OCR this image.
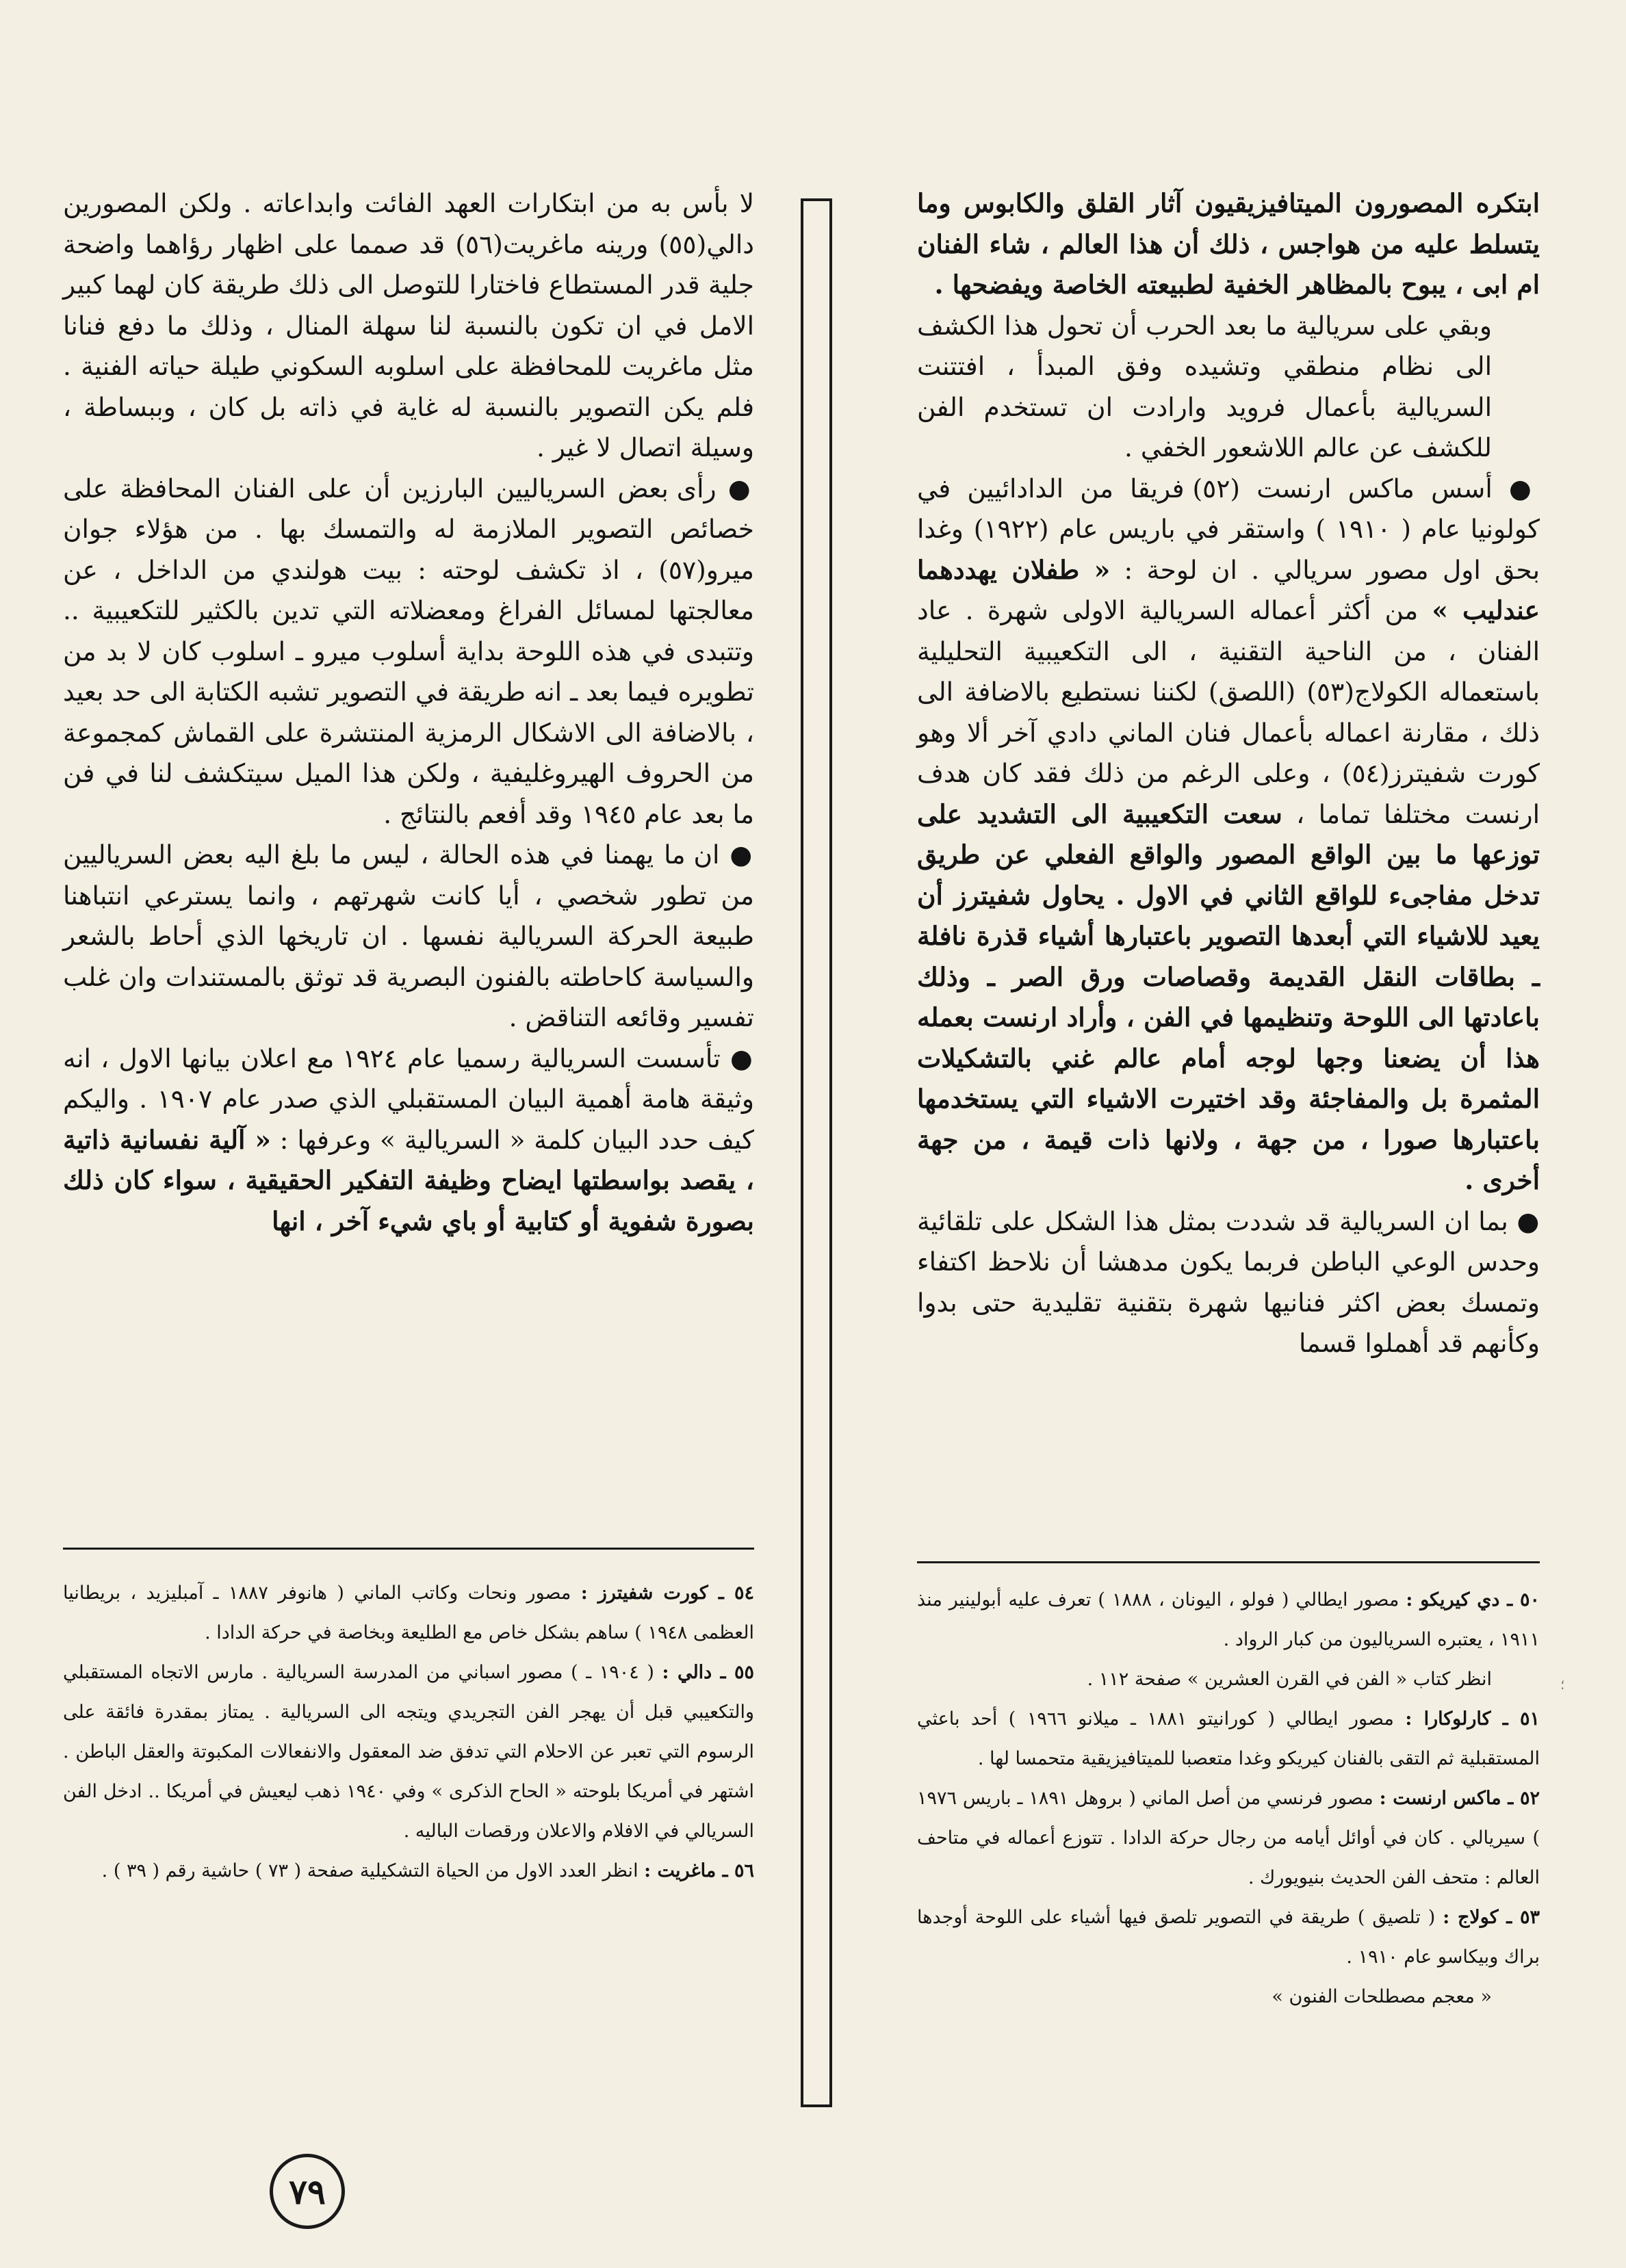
ابتكره المصورون الميتافيزيقيون آثار القلق والكابوس وما يتسلط عليه من هواجس ، ذلك أن هذا العالم ، شاء الفنان ام ابى ، يبوح بالمظاهر الخفية لطبيعته الخاصة ويفضحها .

وبقي على سريالية ما بعد الحرب أن تحول هذا الكشف الى نظام منطقي وتشيده وفق المبدأ ، افتتنت السريالية بأعمال فرويد وارادت ان تستخدم الفن للكشف عن عالم اللاشعور الخفي .

● أسس ماكس ارنست (٥٢) فريقا من الدادائيين في كولونيا عام ( ١٩١٠ ) واستقر في باريس عام (١٩٢٢) وغدا بحق اول مصور سريالي . ان لوحة : « طفلان يهددهما عندليب » من أكثر أعماله السريالية الاولى شهرة . عاد الفنان ، من الناحية التقنية ، الى التكعيبية التحليلية باستعماله الكولاج(٥٣) (اللصق) لكننا نستطيع بالاضافة الى ذلك ، مقارنة اعماله بأعمال فنان الماني دادي آخر ألا وهو كورت شفيترز(٥٤) ، وعلى الرغم من ذلك فقد كان هدف ارنست مختلفا تماما ، سعت التكعيبية الى التشديد على توزعها ما بين الواقع المصور والواقع الفعلي عن طريق تدخل مفاجىء للواقع الثاني في الاول . يحاول شفيترز أن يعيد للاشياء التي أبعدها التصوير باعتبارها أشياء قذرة نافلة ـ بطاقات النقل القديمة وقصاصات ورق الصر ـ وذلك باعادتها الى اللوحة وتنظيمها في الفن ، وأراد ارنست بعمله هذا أن يضعنا وجها لوجه أمام عالم غني بالتشكيلات المثمرة بل والمفاجئة وقد اختيرت الاشياء التي يستخدمها باعتبارها صورا ، من جهة ، ولانها ذات قيمة ، من جهة أخرى .

● بما ان السريالية قد شددت بمثل هذا الشكل على تلقائية وحدس الوعي الباطن فربما يكون مدهشا أن نلاحظ اكتفاء وتمسك بعض اكثر فنانيها شهرة بتقنية تقليدية حتى بدوا وكأنهم قد أهملوا قسما

لا بأس به من ابتكارات العهد الفائت وابداعاته . ولكن المصورين دالي(٥٥) ورينه ماغريت(٥٦) قد صمما على اظهار رؤاهما واضحة جلية قدر المستطاع فاختارا للتوصل الى ذلك طريقة كان لهما كبير الامل في ان تكون بالنسبة لنا سهلة المنال ، وذلك ما دفع فنانا مثل ماغريت للمحافظة على اسلوبه السكوني طيلة حياته الفنية . فلم يكن التصوير بالنسبة له غاية في ذاته بل كان ، وببساطة ، وسيلة اتصال لا غير .

● رأى بعض السرياليين البارزين أن على الفنان المحافظة على خصائص التصوير الملازمة له والتمسك بها . من هؤلاء جوان ميرو(٥٧) ، اذ تكشف لوحته : بيت هولندي من الداخل ، عن معالجتها لمسائل الفراغ ومعضلاته التي تدين بالكثير للتكعيبية .. وتتبدى في هذه اللوحة بداية أسلوب ميرو ـ اسلوب كان لا بد من تطويره فيما بعد ـ انه طريقة في التصوير تشبه الكتابة الى حد بعيد ، بالاضافة الى الاشكال الرمزية المنتشرة على القماش كمجموعة من الحروف الهيروغليفية ، ولكن هذا الميل سيتكشف لنا في فن ما بعد عام ١٩٤٥ وقد أفعم بالنتائج .

● ان ما يهمنا في هذه الحالة ، ليس ما بلغ اليه بعض السرياليين من تطور شخصي ، أيا كانت شهرتهم ، وانما يسترعي انتباهنا طبيعة الحركة السريالية نفسها . ان تاريخها الذي أحاط بالشعر والسياسة كاحاطته بالفنون البصرية قد توثق بالمستندات وان غلب تفسير وقائعه التناقض .

● تأسست السريالية رسميا عام ١٩٢٤ مع اعلان بيانها الاول ، انه وثيقة هامة أهمية البيان المستقبلي الذي صدر عام ١٩٠٧ . واليكم كيف حدد البيان كلمة « السريالية » وعرفها : « آلية نفسانية ذاتية ، يقصد بواسطتها ايضاح وظيفة التفكير الحقيقية ، سواء كان ذلك بصورة شفوية أو كتابية أو باي شيء آخر ، انها

٥٠ ـ دي كيريكو : مصور ايطالي ( فولو ، اليونان ، ١٨٨٨ ) تعرف عليه أبولينير منذ ١٩١١ ، يعتبره السرياليون من كبار الرواد .

انظر كتاب « الفن في القرن العشرين » صفحة ١١٢ .

٥١ ـ كارلوكارا : مصور ايطالي ( كورانيتو ١٨٨١ ـ ميلانو ١٩٦٦ ) أحد باعثي المستقبلية ثم التقى بالفنان كيريكو وغدا متعصبا للميتافيزيقية متحمسا لها .

٥٢ ـ ماكس ارنست : مصور فرنسي من أصل الماني ( بروهل ١٨٩١ ـ باريس ١٩٧٦ ) سيريالي . كان في أوائل أيامه من رجال حركة الدادا . تتوزع أعماله في متاحف العالم : متحف الفن الحديث بنيويورك .

٥٣ ـ كولاج : ( تلصيق ) طريقة في التصوير تلصق فيها أشياء على اللوحة أوجدها براك وبيكاسو عام ١٩١٠ .

« معجم مصطلحات الفنون »

٥٤ ـ كورت شفيترز : مصور ونحات وكاتب الماني ( هانوفر ١٨٨٧ ـ آمبليزيد ، بريطانيا العظمى ١٩٤٨ ) ساهم بشكل خاص مع الطليعة وبخاصة في حركة الدادا .

٥٥ ـ دالي : ( ١٩٠٤ ـ ) مصور اسباني من المدرسة السريالية . مارس الاتجاه المستقبلي والتكعيبي قبل أن يهجر الفن التجريدي ويتجه الى السريالية . يمتاز بمقدرة فائقة على الرسوم التي تعبر عن الاحلام التي تدفق ضد المعقول والانفعالات المكبوتة والعقل الباطن . اشتهر في أمريكا بلوحته « الحاح الذكرى » وفي ١٩٤٠ ذهب ليعيش في أمريكا .. ادخل الفن السريالي في الافلام والاعلان ورقصات الباليه .

٥٦ ـ ماغريت : انظر العدد الاول من الحياة التشكيلية صفحة ( ٧٣ ) حاشية رقم ( ٣٩ ) .

٧٩
؛
